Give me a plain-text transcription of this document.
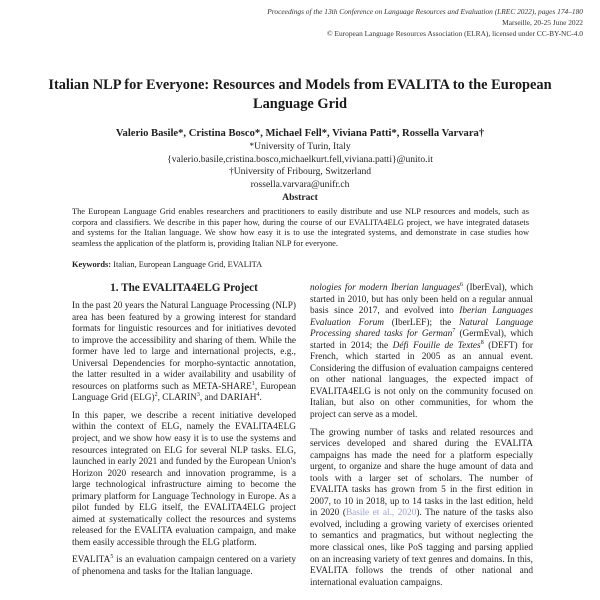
Proceedings of the 13th Conference on Language Resources and Evaluation (LREC 2022), pages 174–180
Marseille, 20-25 June 2022
© European Language Resources Association (ELRA), licensed under CC-BY-NC-4.0
Italian NLP for Everyone: Resources and Models from EVALITA to the European Language Grid
Valerio Basile*, Cristina Bosco*, Michael Fell*, Viviana Patti*, Rossella Varvara†
*University of Turin, Italy
{valerio.basile,cristina.bosco,michaelkurt.fell,viviana.patti}@unito.it
†University of Fribourg, Switzerland
rossella.varvara@unifr.ch
Abstract
The European Language Grid enables researchers and practitioners to easily distribute and use NLP resources and models, such as corpora and classifiers. We describe in this paper how, during the course of our EVALITA4ELG project, we have integrated datasets and systems for the Italian language. We show how easy it is to use the integrated systems, and demonstrate in case studies how seamless the application of the platform is, providing Italian NLP for everyone.
Keywords: Italian, European Language Grid, EVALITA
1. The EVALITA4ELG Project

In the past 20 years the Natural Language Processing (NLP) area has been featured by a growing interest for standard formats for linguistic resources and for initiatives devoted to improve the accessibility and sharing of them. While the former have led to large and international projects, e.g., Universal Dependencies for morpho-syntactic annotation, the latter resulted in a wider availability and usability of resources on platforms such as META-SHARE$^1$, European Language Grid (ELG)$^2$, CLARIN$^3$, and DARIAH$^4$.

In this paper, we describe a recent initiative developed within the context of ELG, namely the EVALITA4ELG project, and we show how easy it is to use the systems and resources integrated on ELG for several NLP tasks. ELG, launched in early 2021 and funded by the European Union's Horizon 2020 research and innovation programme, is a large technological infrastructure aiming to become the primary platform for Language Technology in Europe. As a pilot funded by ELG itself, the EVALITA4ELG project aimed at systematically collect the resources and systems released for the EVALITA evaluation campaign, and make them easily accessible through the ELG platform.

EVALITA$^5$ is an evaluation campaign centered on a variety of phenomena and tasks for the Italian language.

nologies for modern Iberian languages$^6$ (IberEval), which started in 2010, but has only been held on a regular annual basis since 2017, and evolved into Iberian Languages Evaluation Forum (IberLEF); the Natural Language Processing shared tasks for German$^7$ (GermEval), which started in 2014; the Défi Fouille de Textes$^8$ (DEFT) for French, which started in 2005 as an annual event. Considering the diffusion of evaluation campaigns centered on other national languages, the expected impact of EVALITA4ELG is not only on the community focused on Italian, but also on other communities, for whom the project can serve as a model.

The growing number of tasks and related resources and services developed and shared during the EVALITA campaigns has made the need for a platform especially urgent, to organize and share the huge amount of data and tools with a larger set of scholars. The number of EVALITA tasks has grown from 5 in the first edition in 2007, to 10 in 2018, up to 14 tasks in the last edition, held in 2020 (Basile et al., 2020). The nature of the tasks also evolved, including a growing variety of exercises oriented to semantics and pragmatics, but without neglecting the more classical ones, like PoS tagging and parsing applied on an increasing variety of text genres and domains. In this, EVALITA follows the trends of other national and international evaluation campaigns.
